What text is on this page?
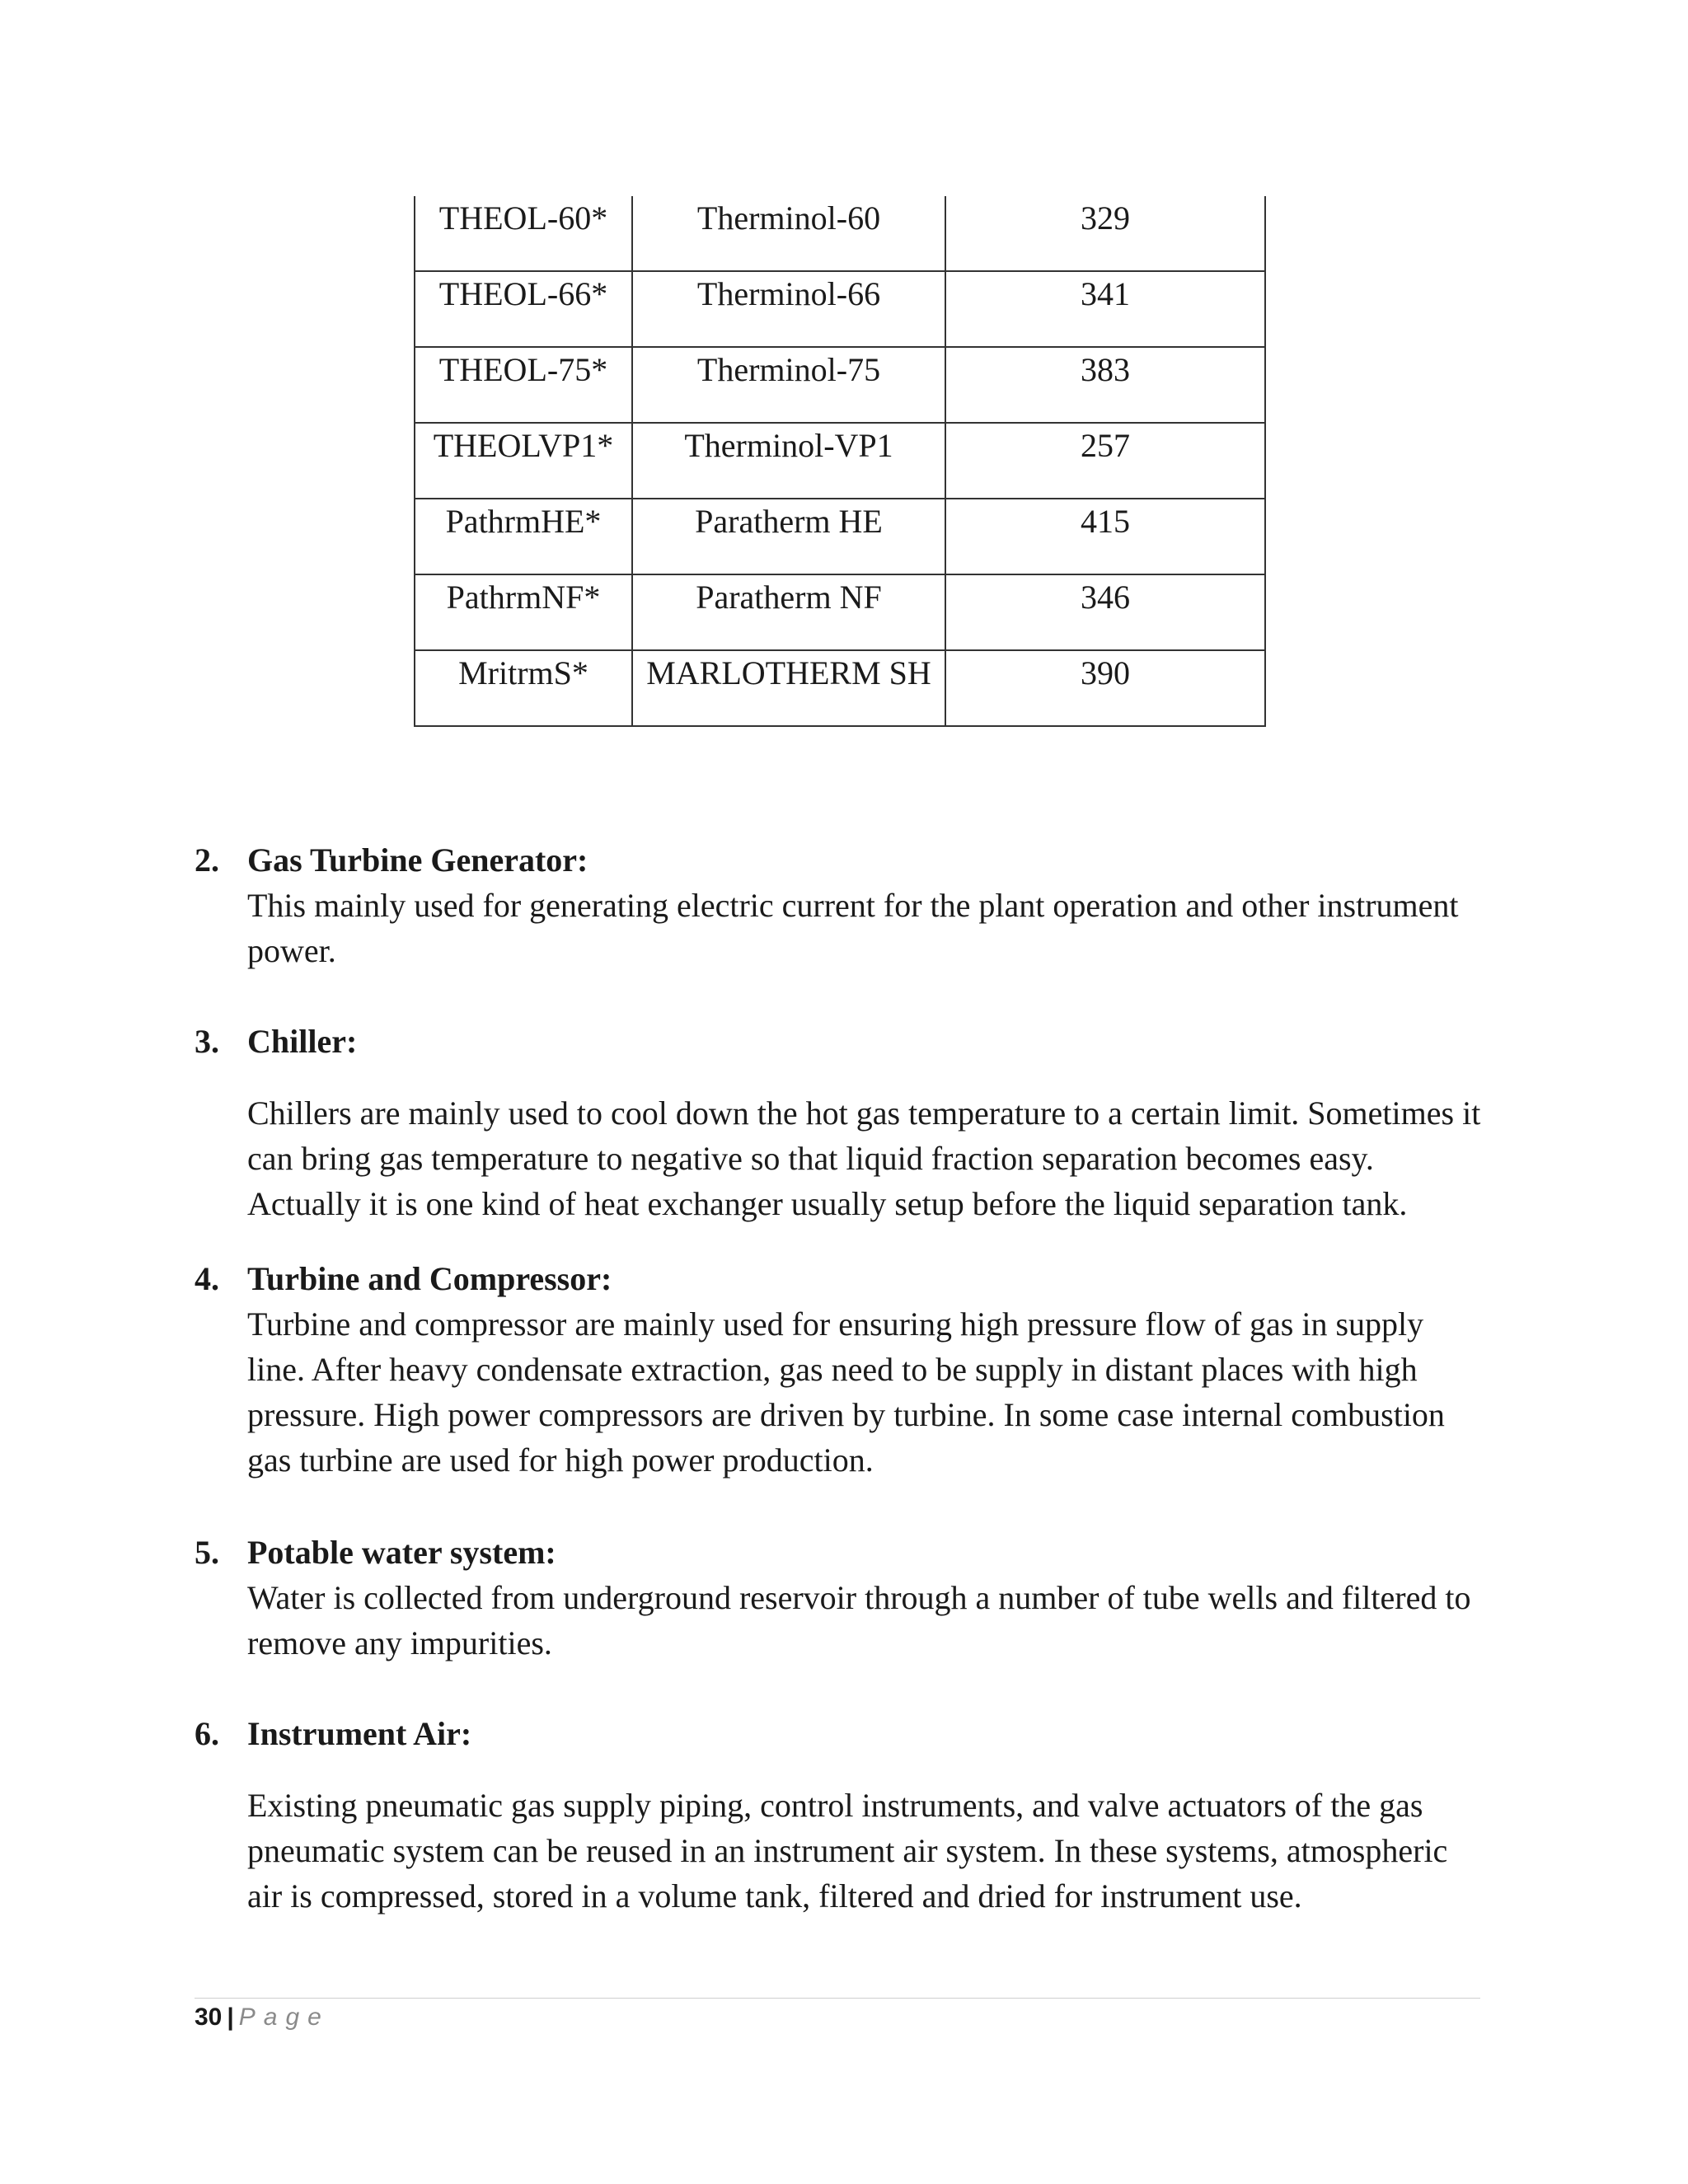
THEOL-60*	Therminol-60	329
THEOL-66*	Therminol-66	341
THEOL-75*	Therminol-75	383
THEOLVP1*	Therminol-VP1	257
PathrmHE*	Paratherm HE	415
PathrmNF*	Paratherm NF	346
MritrmS*	MARLOTHERM SH	390
2. Gas Turbine Generator:
This mainly used for generating electric current for the plant operation and other instrument power.
3. Chiller:
Chillers are mainly used to cool down the hot gas temperature to a certain limit. Sometimes it can bring gas temperature to negative so that liquid fraction separation becomes easy. Actually it is one kind of heat exchanger usually setup before the liquid separation tank.
4. Turbine and Compressor:
Turbine and compressor are mainly used for ensuring high pressure flow of gas in supply line. After heavy condensate extraction, gas need to be supply in distant places with high pressure. High power compressors are driven by turbine. In some case internal combustion gas turbine are used for high power production.
5. Potable water system:
Water is collected from underground reservoir through a number of tube wells and filtered to remove any impurities.
6. Instrument Air:
Existing pneumatic gas supply piping, control instruments, and valve actuators of the gas pneumatic system can be reused in an instrument air system. In these systems, atmospheric air is compressed, stored in a volume tank, filtered and dried for instrument use.
30 | Page
